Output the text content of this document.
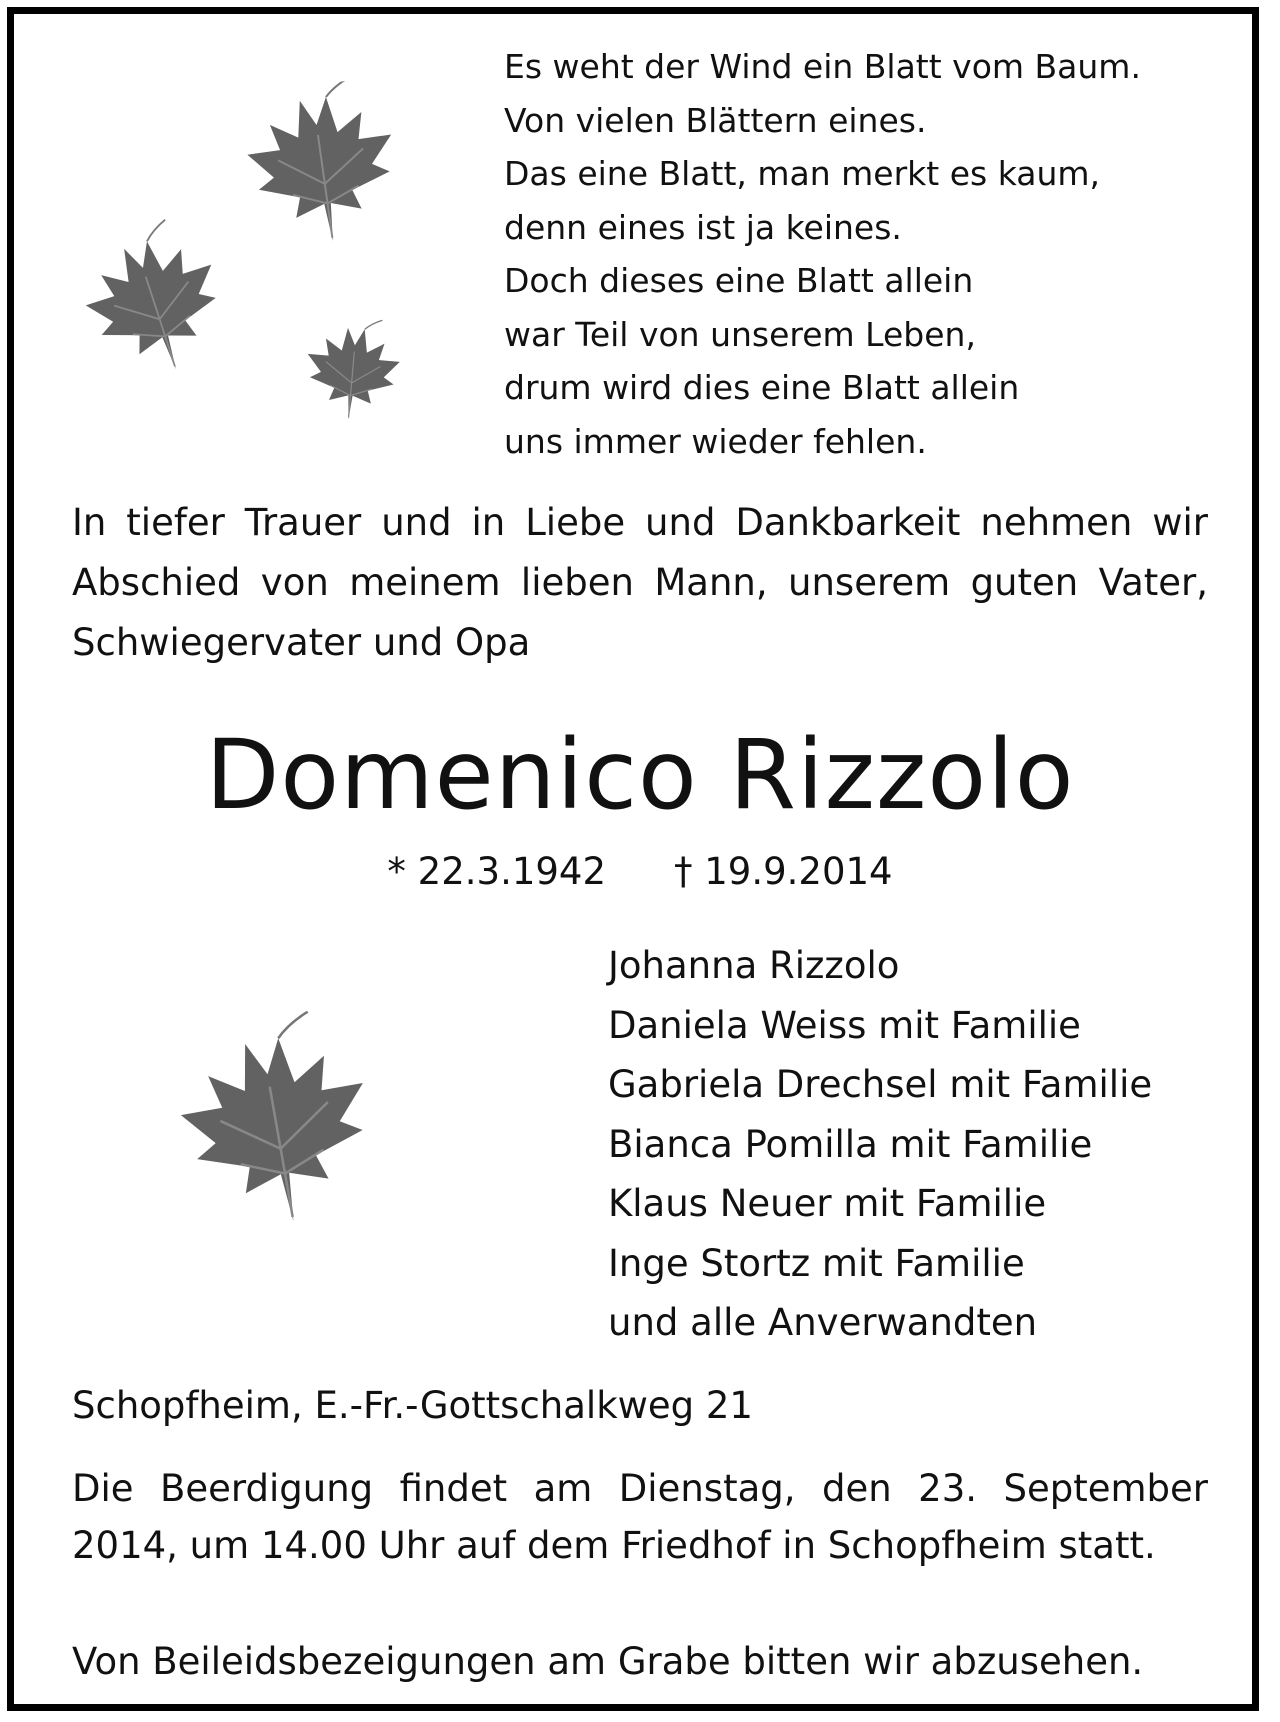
Es weht der Wind ein Blatt vom Baum.
Von vielen Blättern eines.
Das eine Blatt, man merkt es kaum,
denn eines ist ja keines.
Doch dieses eine Blatt allein
war Teil von unserem Leben,
drum wird dies eine Blatt allein
uns immer wieder fehlen.
In tiefer Trauer und in Liebe und Dankbarkeit nehmen wir Abschied von meinem lieben Mann, unserem guten Vater, Schwiegervater und Opa
Domenico Rizzolo
* 22.3.1942 † 19.9.2014
Johanna Rizzolo
Daniela Weiss mit Familie
Gabriela Drechsel mit Familie
Bianca Pomilla mit Familie
Klaus Neuer mit Familie
Inge Stortz mit Familie
und alle Anverwandten
Schopfheim, E.-Fr.-Gottschalkweg 21
Die Beerdigung findet am Dienstag, den 23. September 2014, um 14.00 Uhr auf dem Friedhof in Schopfheim statt.
Von Beileidsbezeigungen am Grabe bitten wir abzusehen.
